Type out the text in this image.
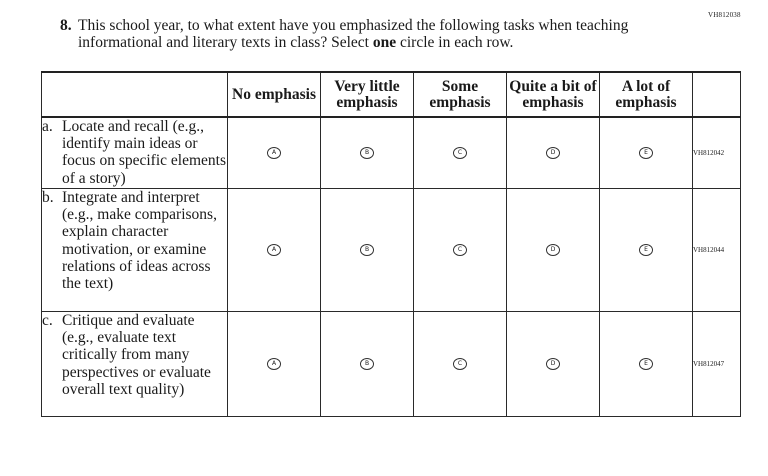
VH812038
8. This school year, to what extent have you emphasized the following tasks when teaching informational and literary texts in class? Select one circle in each row.
	No emphasis	Very little emphasis	Some emphasis	Quite a bit of emphasis	A lot of emphasis	

a. Locate and recall (e.g., identify main ideas or focus on specific elements of a story)	A	B	C	D	E	VH812042

b. Integrate and interpret (e.g., make comparisons, explain character motivation, or examine relations of ideas across the text)	A	B	C	D	E	VH812044

c. Critique and evaluate (e.g., evaluate text critically from many perspectives or evaluate overall text quality)	A	B	C	D	E	VH812047
